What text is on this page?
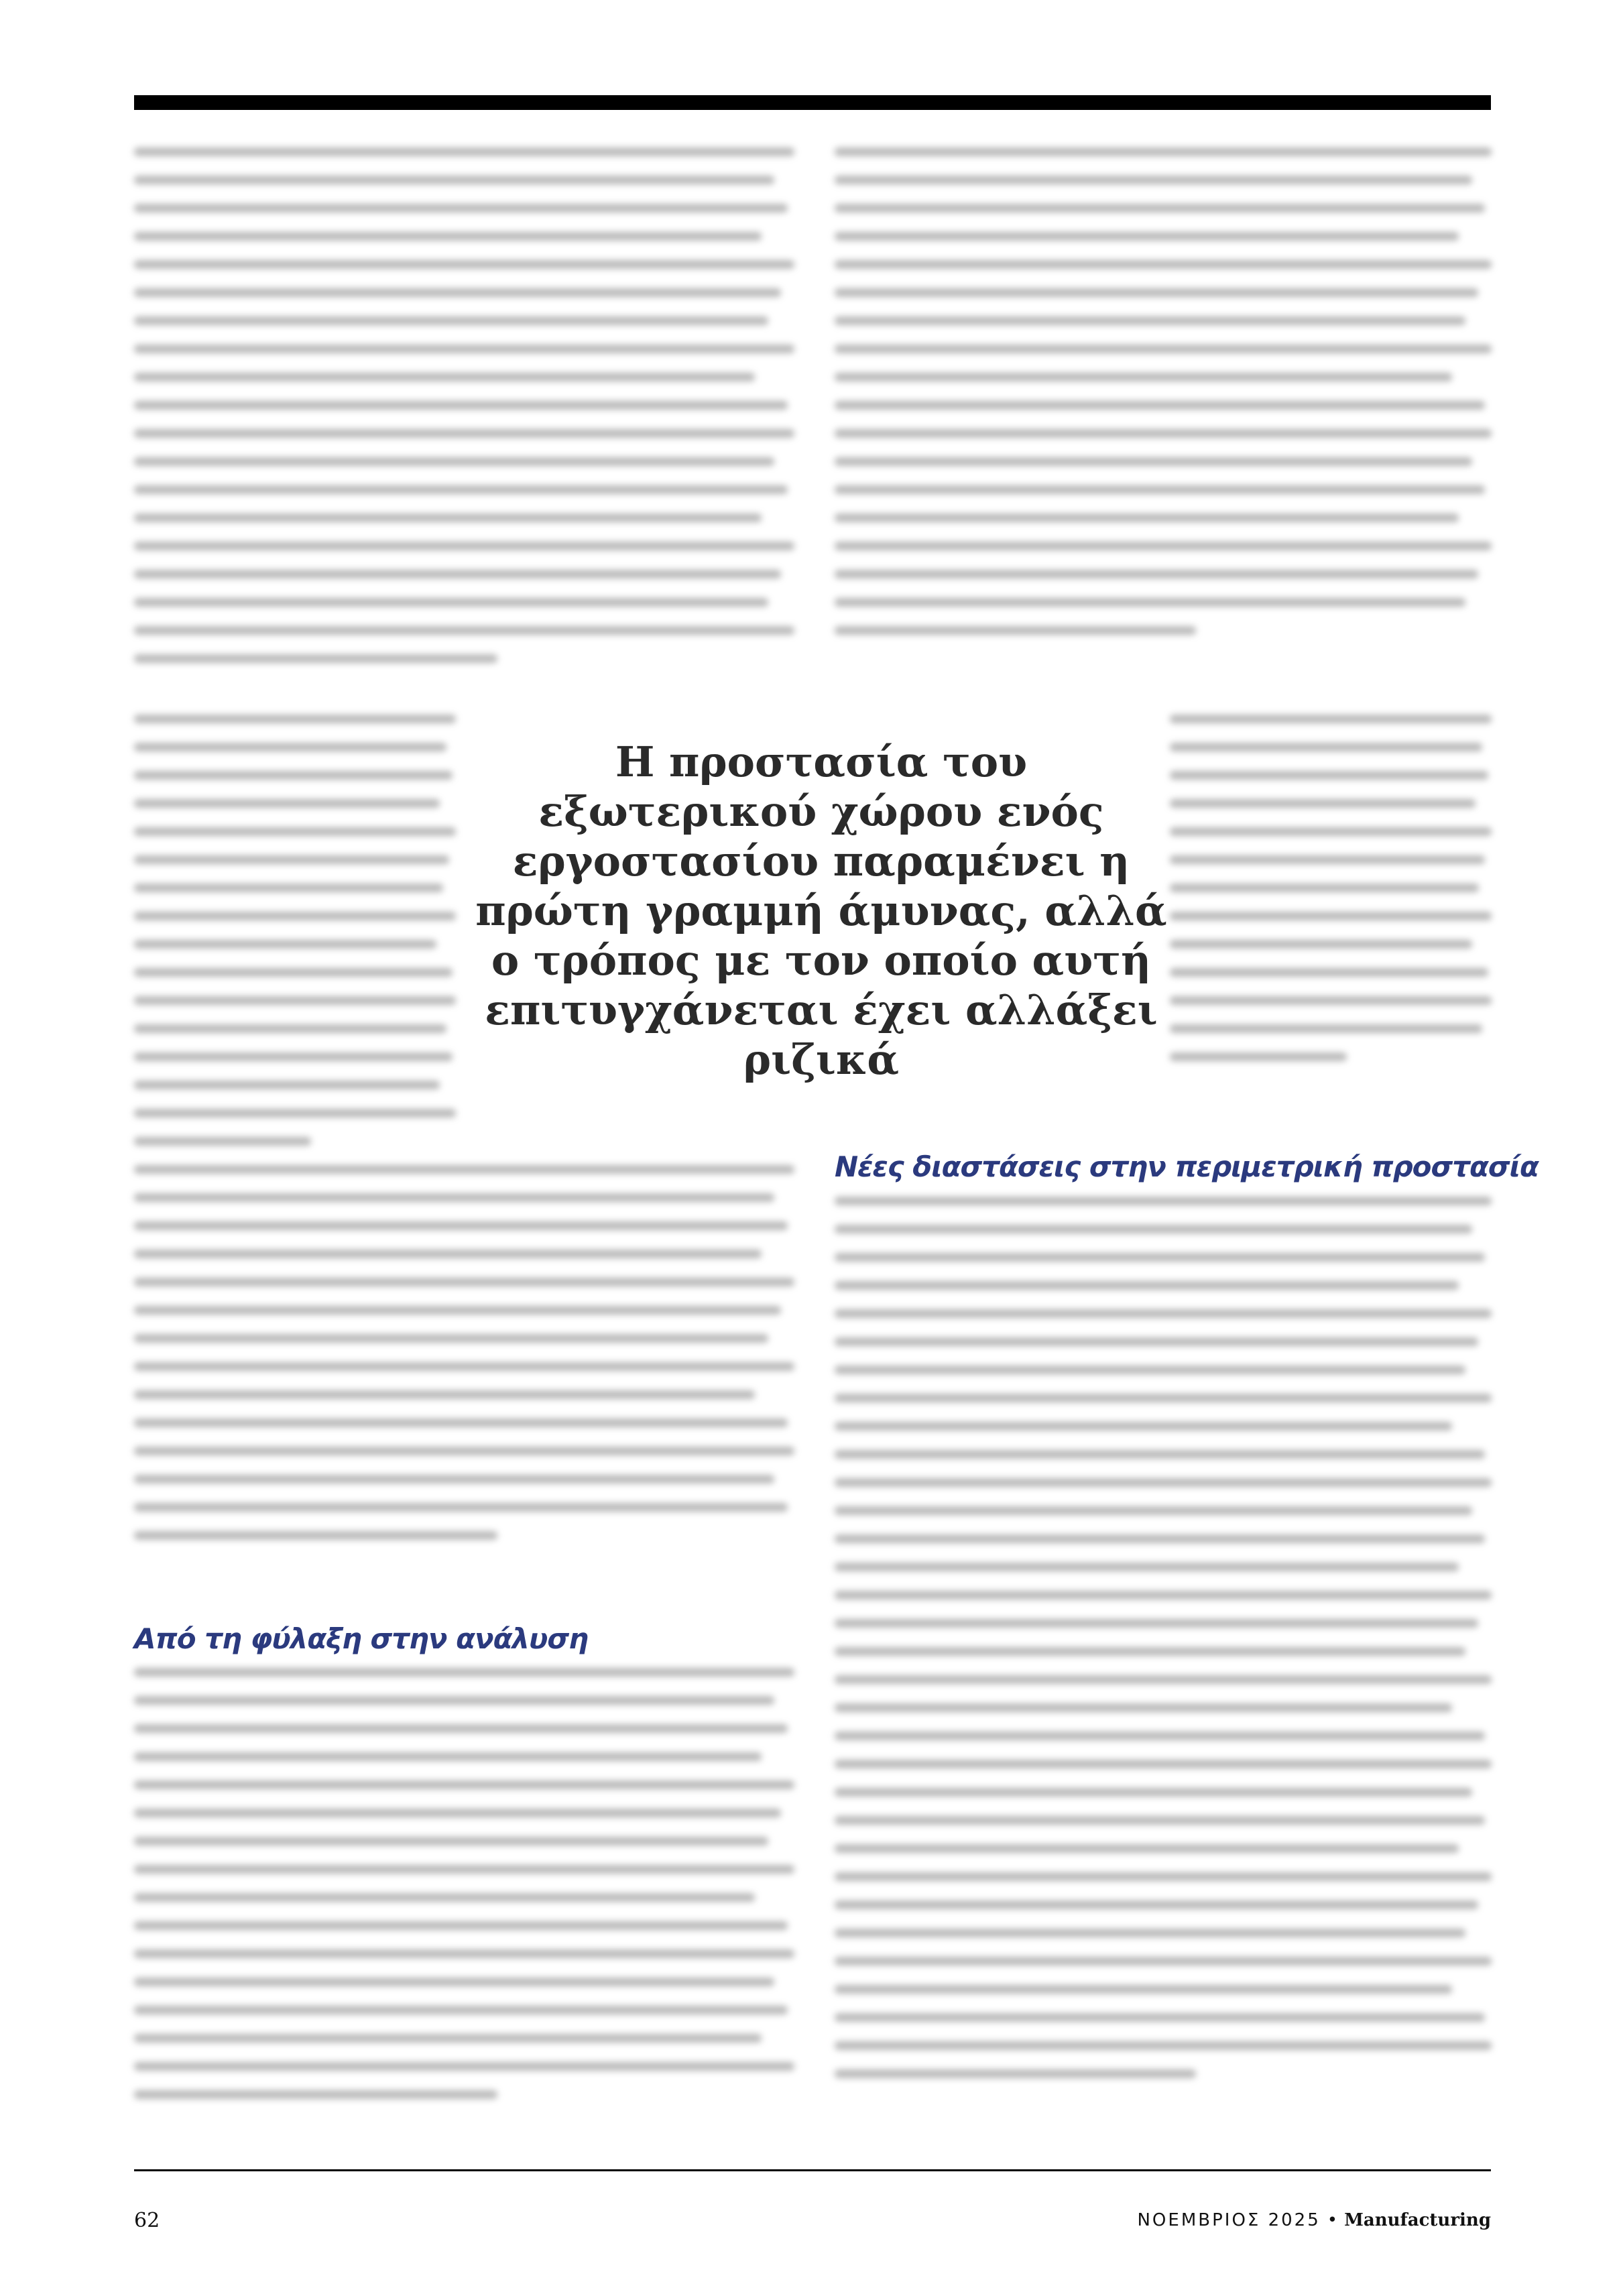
Από τη φύλαξη στην ανάλυση
Νέες διαστάσεις στην περιμετρική προστασία

Η προστασία του εξωτερικού χώρου ενός εργοστασίου παραμένει η πρώτη γραμμή άμυνας, αλλά ο τρόπος με τον οποίο αυτή επιτυγχάνεται έχει αλλάξει ριζικά

62	ΝΟΕΜΒΡΙΟΣ 2025 • Manufacturing
